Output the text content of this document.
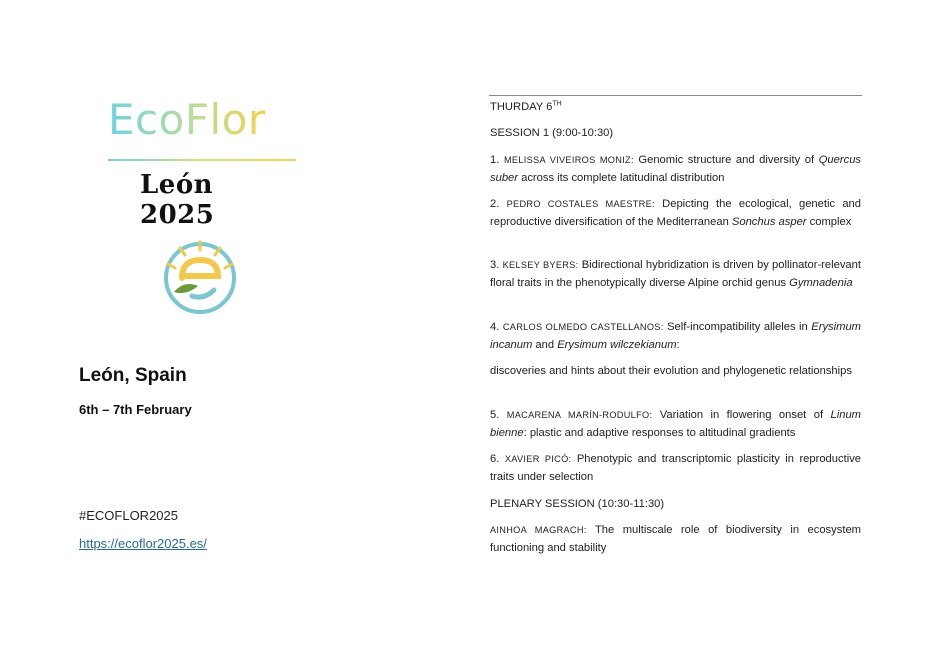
EcoFlor
León 2025
León, Spain
6th – 7th February
#ECOFLOR2025
https://ecoflor2025.es/
THURDAY 6TH
SESSION 1 (9:00-10:30)

1. MELISSA VIVEIROS MONIZ: Genomic structure and diversity of Quercus suber across its complete latitudinal distribution

2. PEDRO COSTALES MAESTRE: Depicting the ecological, genetic and reproductive diversification of the Mediterranean Sonchus asper complex

3. KELSEY BYERS: Bidirectional hybridization is driven by pollinator-relevant floral traits in the phenotypically diverse Alpine orchid genus Gymnadenia

4. CARLOS OLMEDO CASTELLANOS: Self-incompatibility alleles in Erysimum incanum and Erysimum wilczekianum:

discoveries and hints about their evolution and phylogenetic relationships

5. MACARENA MARÍN-RODULFO: Variation in flowering onset of Linum bienne: plastic and adaptive responses to altitudinal gradients

6. XAVIER PICÓ: Phenotypic and transcriptomic plasticity in reproductive traits under selection

PLENARY SESSION (10:30-11:30)

AINHOA MAGRACH: The multiscale role of biodiversity in ecosystem functioning and stability
